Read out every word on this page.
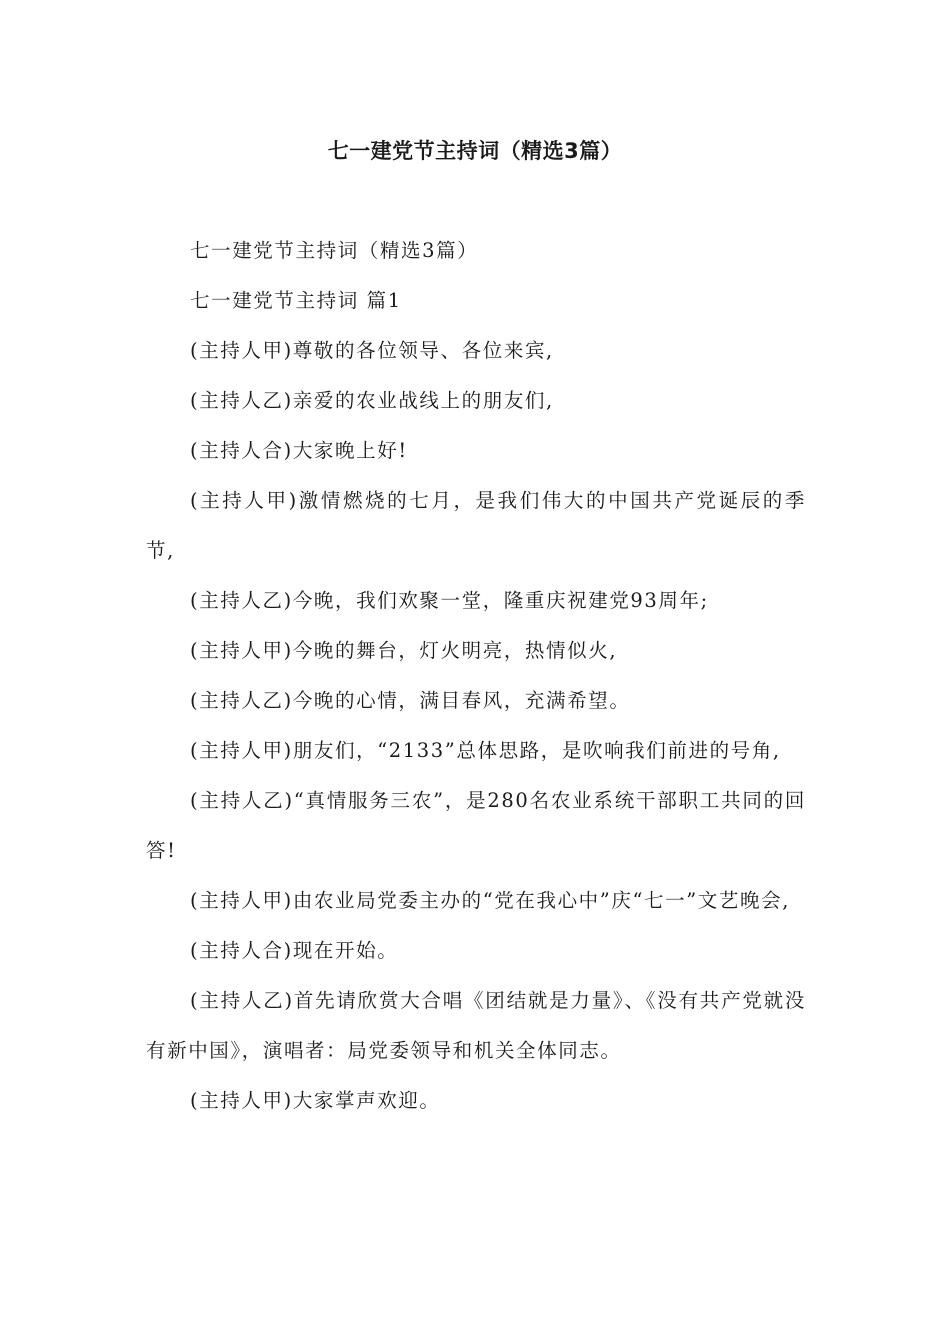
七一建党节主持词（精选3篇）

七一建党节主持词（精选3篇）

七一建党节主持词 篇1

(主持人甲)尊敬的各位领导、各位来宾,

(主持人乙)亲爱的农业战线上的朋友们,

(主持人合)大家晚上好!

(主持人甲)激情燃烧的七月，是我们伟大的中国共产党诞辰的季节,

(主持人乙)今晚，我们欢聚一堂，隆重庆祝建党93周年;

(主持人甲)今晚的舞台，灯火明亮，热情似火,

(主持人乙)今晚的心情，满目春风，充满希望。

(主持人甲)朋友们，“2133”总体思路，是吹响我们前进的号角,

(主持人乙)“真情服务三农”，是280名农业系统干部职工共同的回答!

(主持人甲)由农业局党委主办的“党在我心中”庆“七一”文艺晚会,

(主持人合)现在开始。

(主持人乙)首先请欣赏大合唱《团结就是力量》、《没有共产党就没有新中国》，演唱者：局党委领导和机关全体同志。

(主持人甲)大家掌声欢迎。
